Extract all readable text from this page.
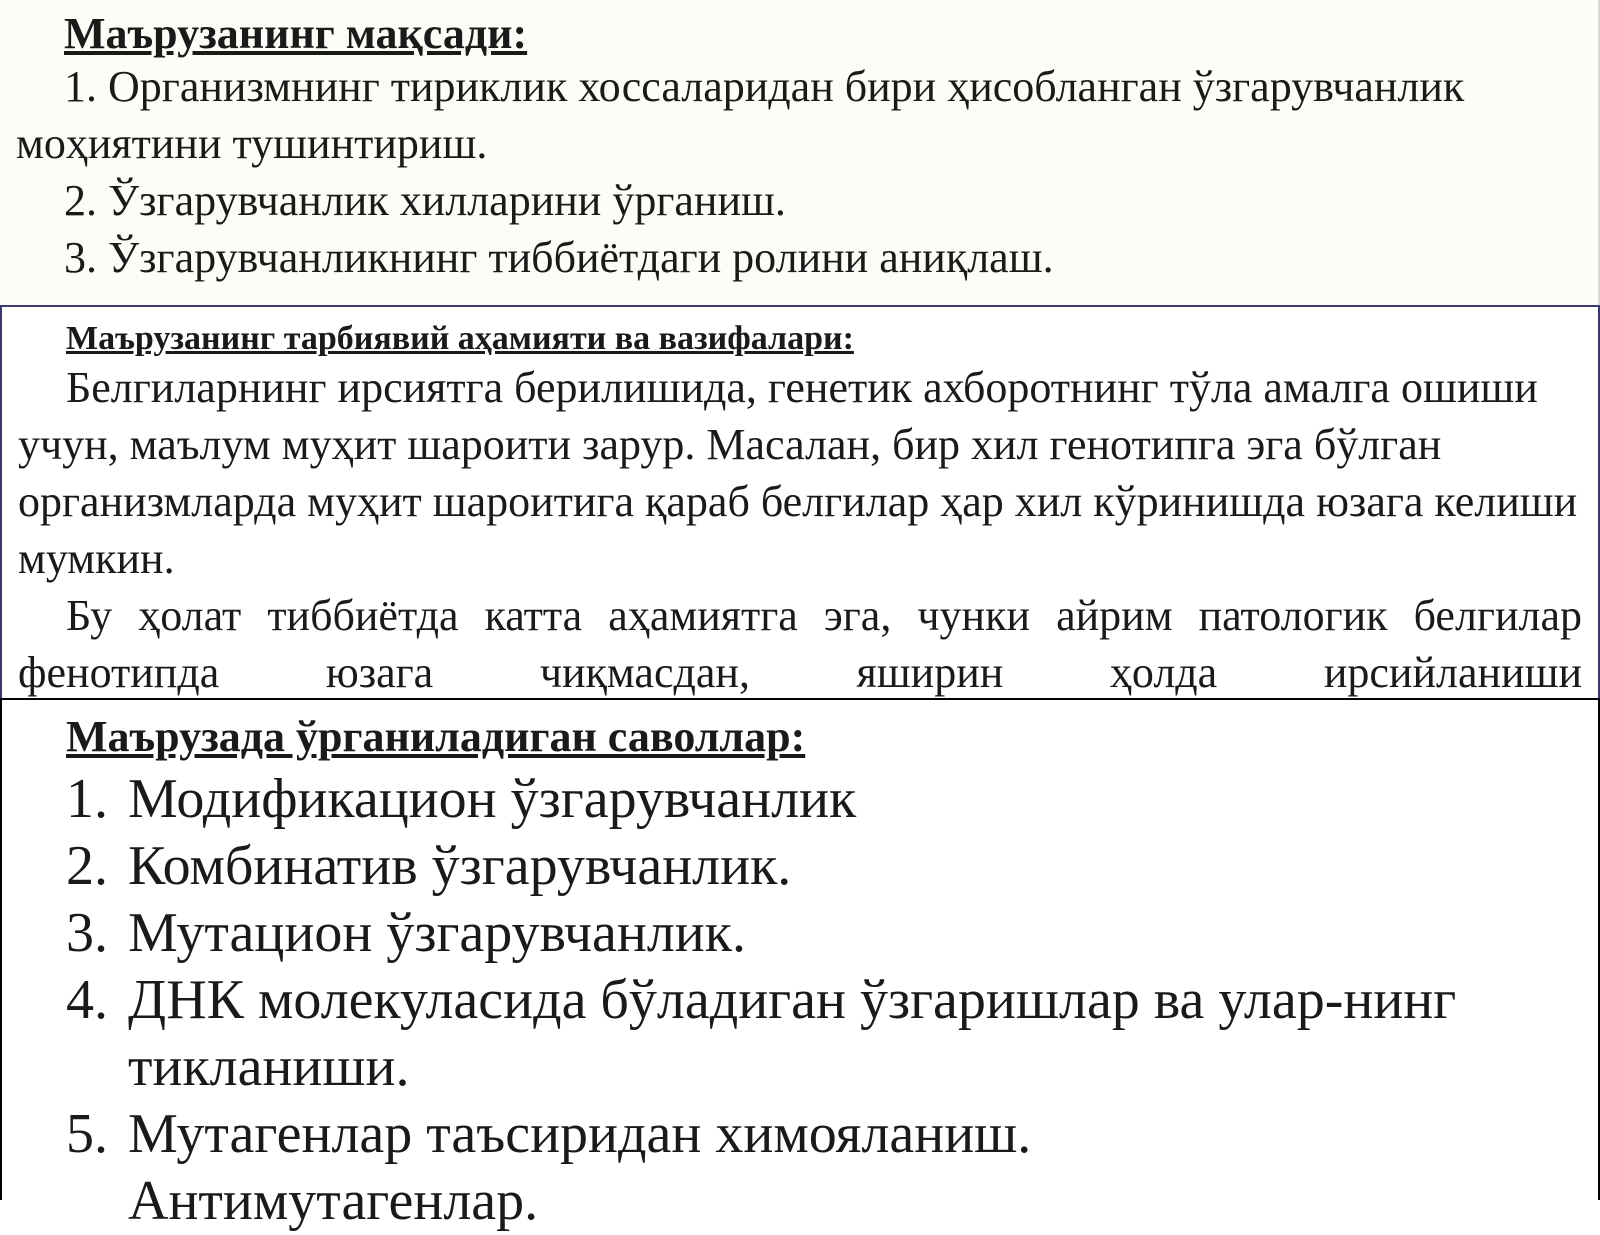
Маърузанинг мақсади:

1. Организмнинг тириклик хоссаларидан бири ҳисобланган ўзгарувчанлик моҳиятини тушинтириш.

2. Ўзгарувчанлик хилларини ўрганиш.

3. Ўзгарувчанликнинг тиббиётдаги ролини аниқлаш.

Маърузанинг тарбиявий аҳамияти ва вазифалари:

Белгиларнинг ирсиятга берилишида, генетик ахборотнинг тўла амалга ошиши учун, маълум муҳит шароити зарур. Масалан, бир хил генотипга эга бўлган организмларда муҳит шароитига қараб белгилар ҳар хил кўринишда юзага келиши мумкин.

Бу ҳолат тиббиётда катта аҳамиятга эга, чунки айрим патологик белгилар фенотипда юзага чиқмасдан, яширин ҳолда ирсийланиши

Маърузада ўрганиладиган саволлар:
1. Модификацион ўзгарувчанлик
2. Комбинатив ўзгарувчанлик.
3. Мутацион ўзгарувчанлик.
4. ДНК молекуласида бўладиган ўзгаришлар ва улар-нинг тикланиши.
5. Мутагенлар таъсиридан химояланиш.
Антимутагенлар.
